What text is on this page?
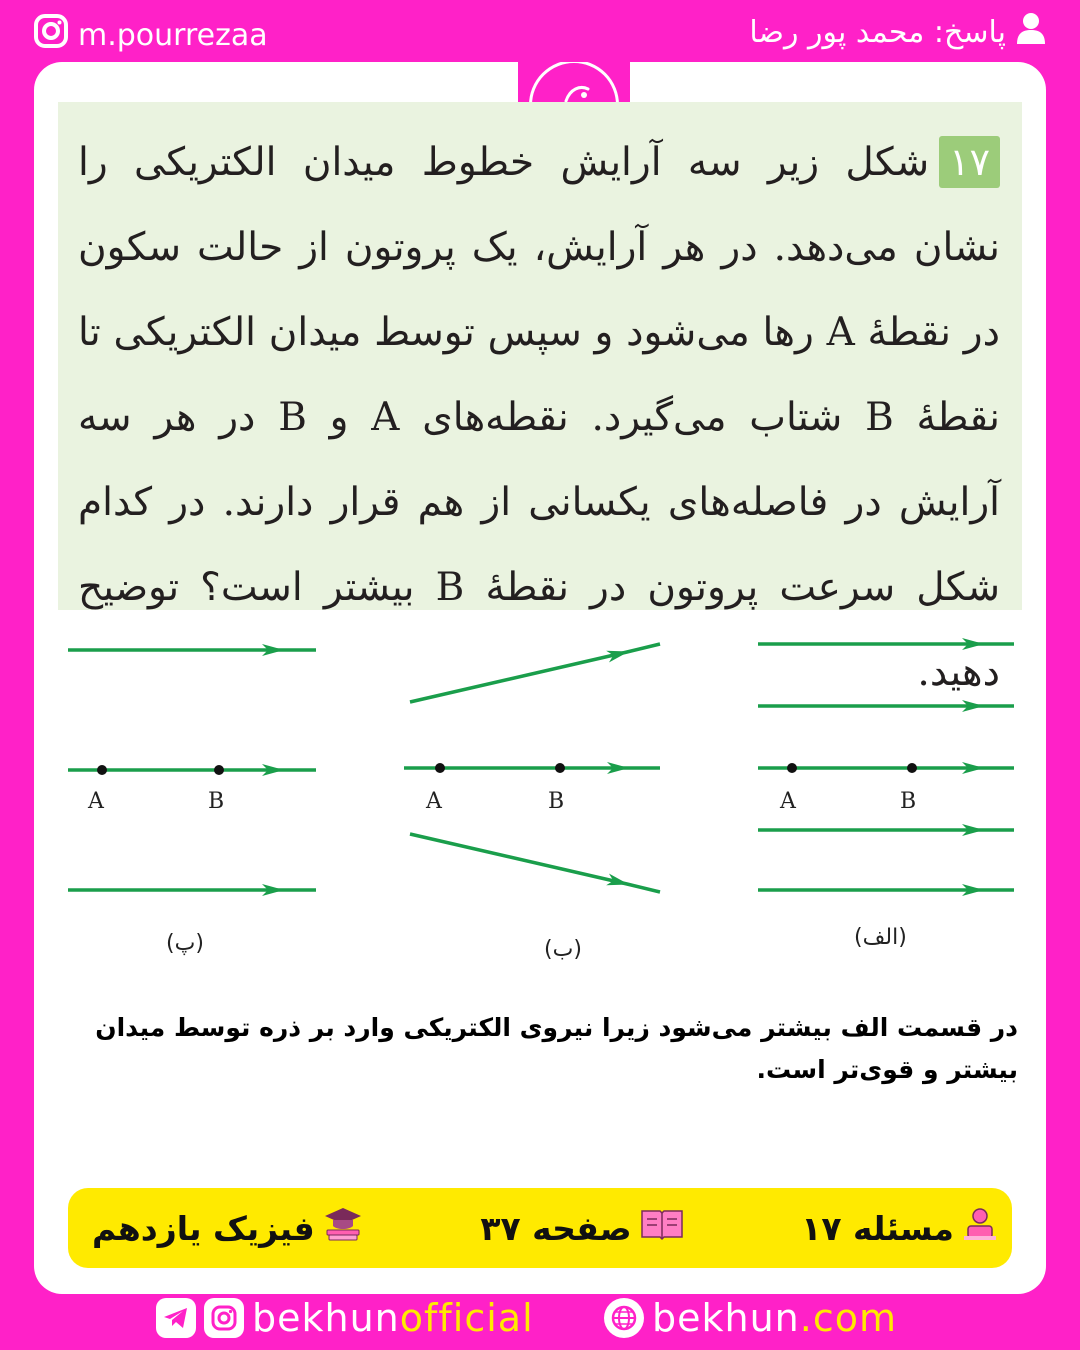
m.pourrezaa	پاسخ: محمد پور رضا
۱۷شکل زیر سه آرایش خطوط میدان الکتریکی را نشان می‌دهد. در هر آرایش، یک پروتون از حالت سکون در نقطهٔ A رها می‌شود و سپس توسط میدان الکتریکی تا نقطهٔ B شتاب می‌گیرد. نقطه‌های A و B در هر سه آرایش در فاصله‌های یکسانی از هم قرار دارند. در کدام شکل سرعت پروتون در نقطهٔ B بیشتر است؟ توضیح دهید.
A	B
(پ)
A	B
(ب)
A	B
(الف)
در قسمت الف بیشتر می‌شود زیرا نیروی الکتریکی وارد بر ذره توسط میدان بیشتر و قوی‌تر است.
مسئله ۱۷
صفحه ۳۷
فیزیک یازدهم
bekhunofficial	bekhun.com
